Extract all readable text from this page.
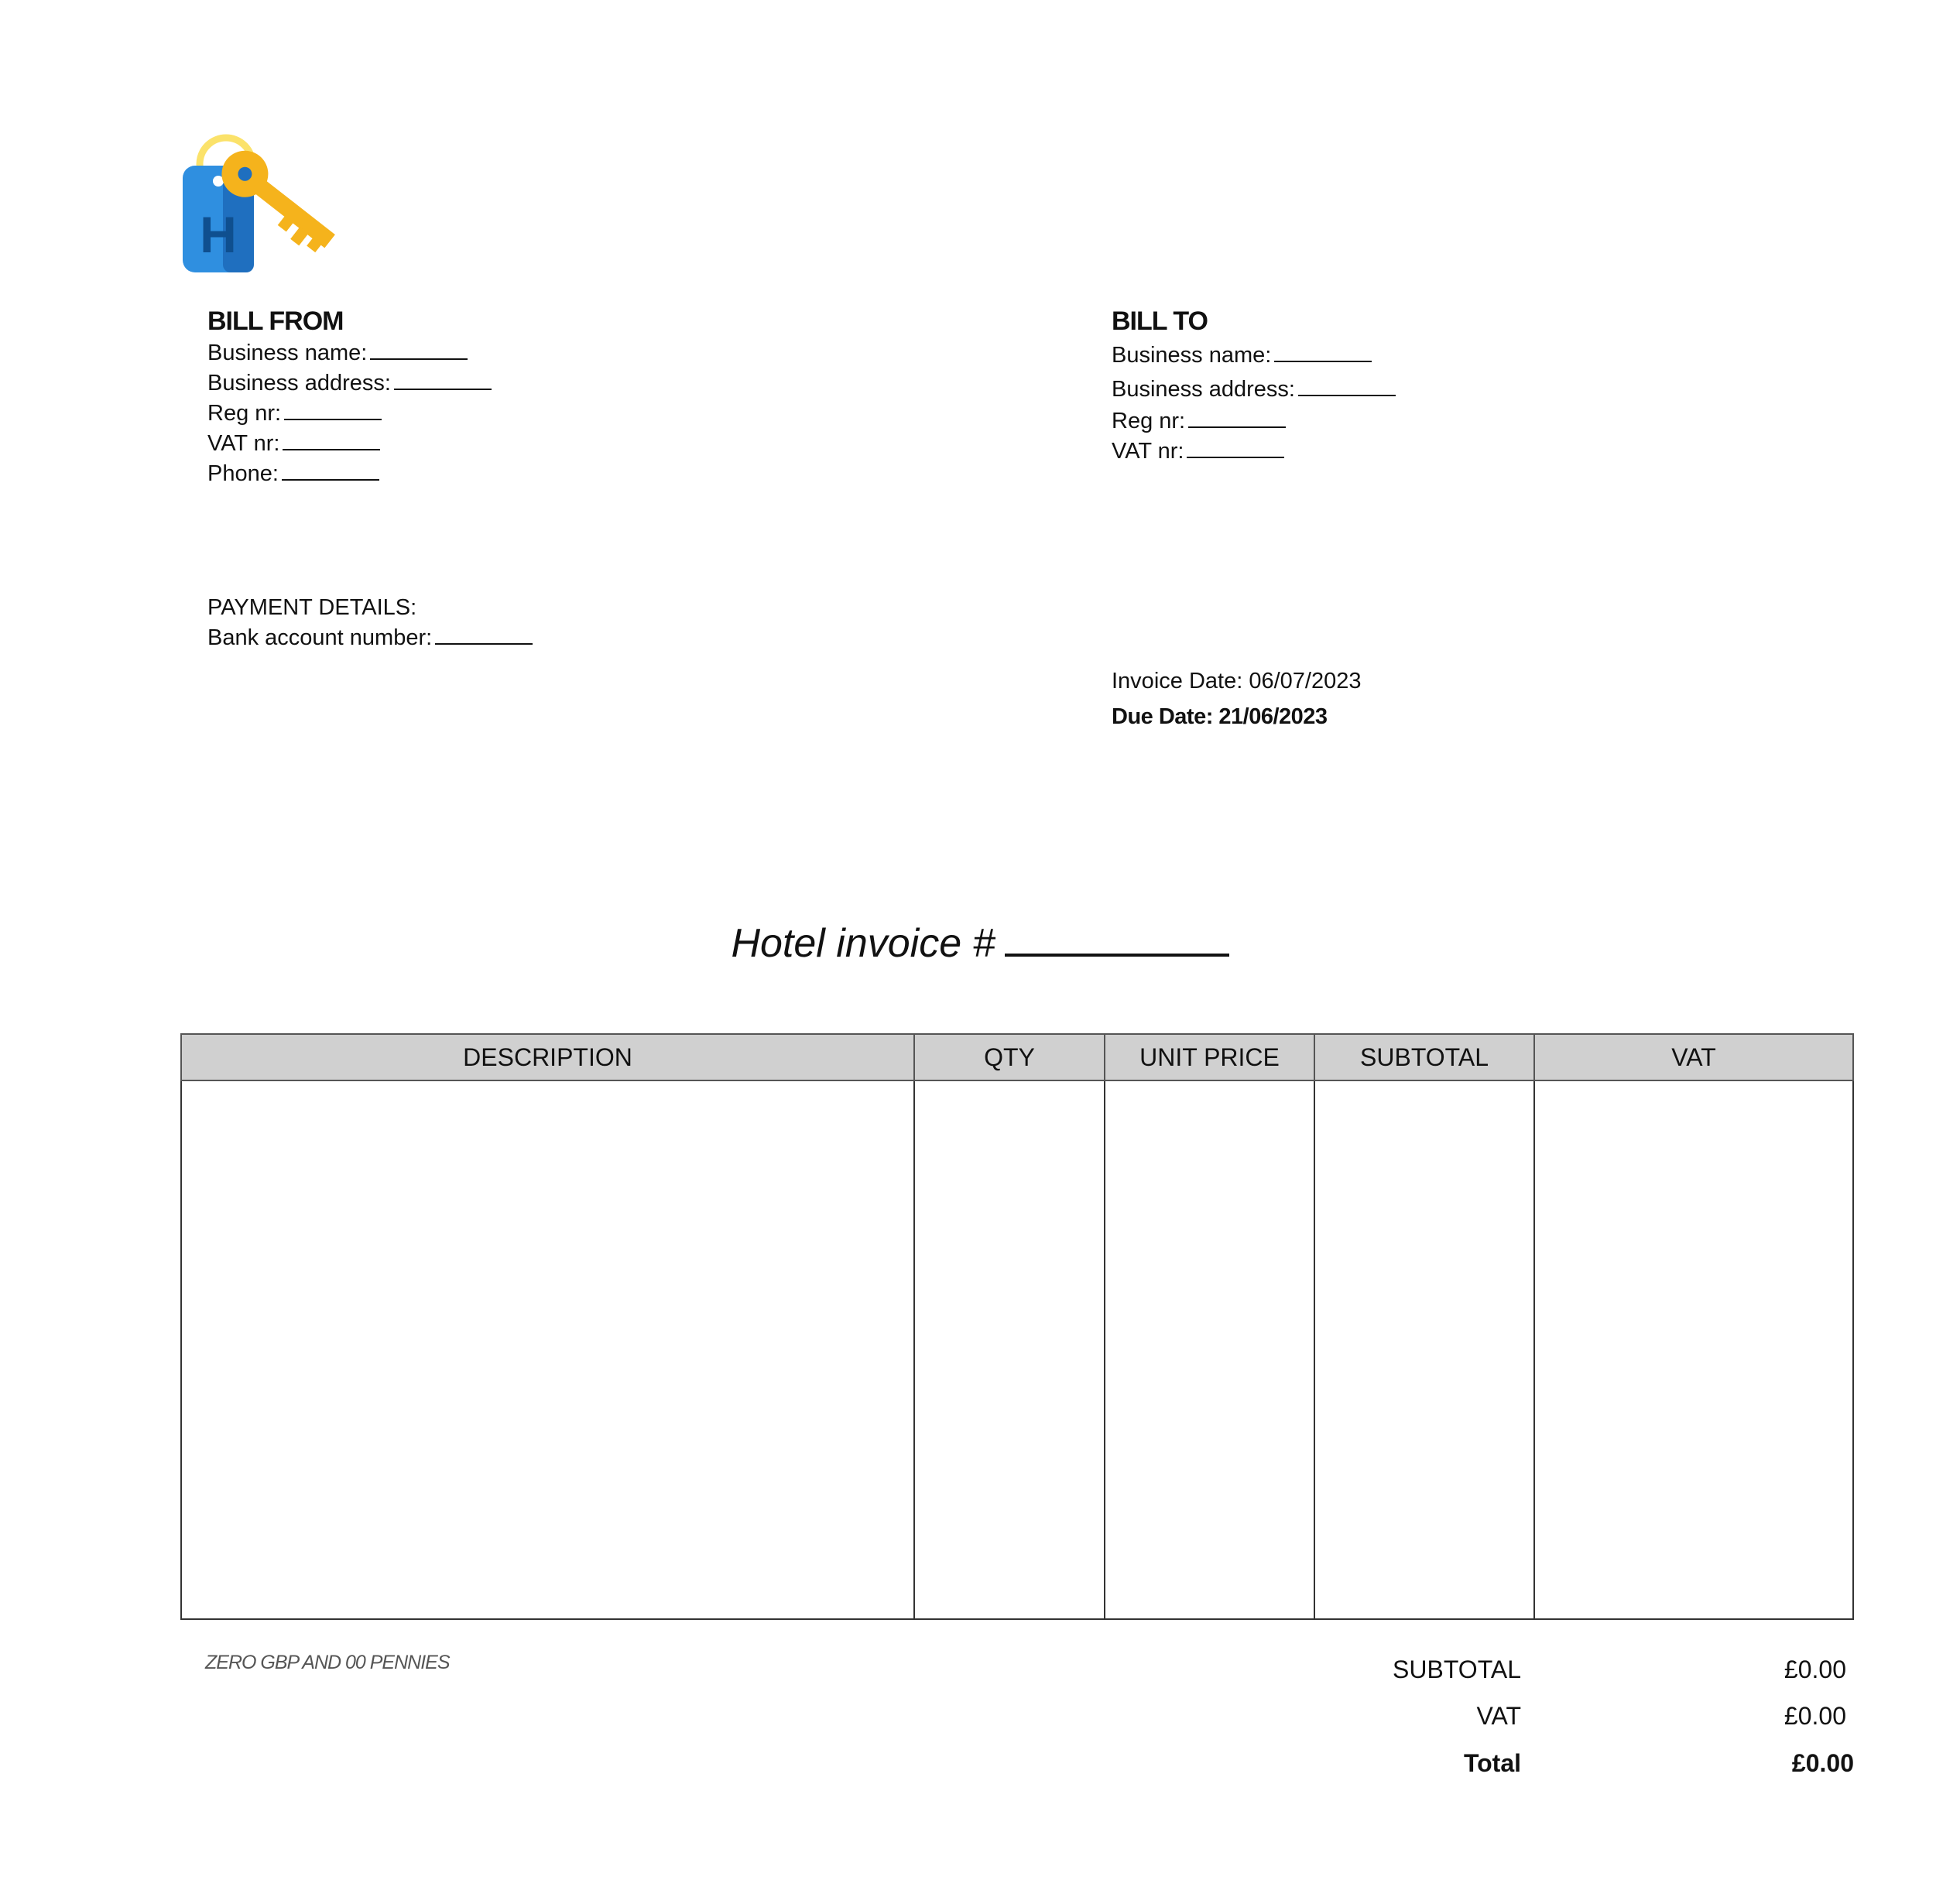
H
BILL FROM
Business name:
Business address:
Reg nr:
VAT nr:
Phone:
BILL TO
Business name:
Business address:
Reg nr:
VAT nr:
PAYMENT DETAILS:
Bank account number:
Invoice Date: 06/07/2023
Due Date: 21/06/2023
Hotel invoice #
DESCRIPTION	QTY	UNIT PRICE	SUBTOTAL	VAT

ZERO GBP AND 00 PENNIES	SUBTOTAL	£0.00
VAT	£0.00
Total	£0.00
